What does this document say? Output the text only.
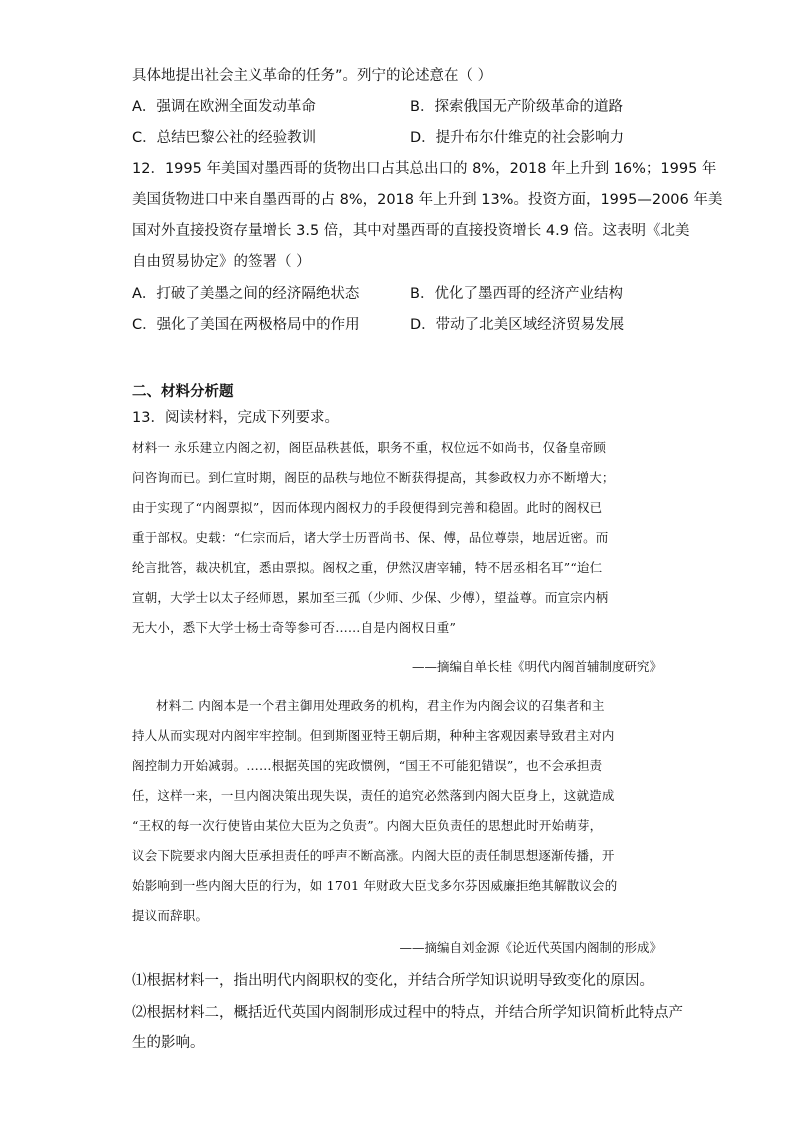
具体地提出社会主义革命的任务”。列宁的论述意在（ ）
A．强调在欧洲全面发动革命	B．探索俄国无产阶级革命的道路
C．总结巴黎公社的经验教训	D．提升布尔什维克的社会影响力
12．1995 年美国对墨西哥的货物出口占其总出口的 8%，2018 年上升到 16%；1995 年
美国货物进口中来自墨西哥的占 8%，2018 年上升到 13%。投资方面，1995—2006 年美
国对外直接投资存量增长 3.5 倍，其中对墨西哥的直接投资增长 4.9 倍。这表明《北美
自由贸易协定》的签署（ ）
A．打破了美墨之间的经济隔绝状态	B．优化了墨西哥的经济产业结构
C．强化了美国在两极格局中的作用	D．带动了北美区域经济贸易发展
二、材料分析题
13．阅读材料，完成下列要求。
材料一 永乐建立内阁之初，阁臣品秩甚低，职务不重，权位远不如尚书，仅备皇帝顾
问咨询而已。到仁宣时期，阁臣的品秩与地位不断获得提高，其参政权力亦不断增大；
由于实现了“内阁票拟”，因而体现内阁权力的手段便得到完善和稳固。此时的阁权已
重于部权。史载：“仁宗而后，诸大学士历晋尚书、保、傅，品位尊崇，地居近密。而
纶言批答，裁决机宜，悉由票拟。阁权之重，伊然汉唐宰辅，特不居丞相名耳”“迨仁
宣朝，大学士以太子经师恩，累加至三孤（少师、少保、少傅），望益尊。而宣宗内柄
无大小，悉下大学士杨士奇等参可否……自是内阁权日重”
——摘编自单长桂《明代内阁首辅制度研究》
材料二 内阁本是一个君主御用处理政务的机构，君主作为内阁会议的召集者和主
持人从而实现对内阁牢牢控制。但到斯图亚特王朝后期，种种主客观因素导致君主对内
阁控制力开始减弱。……根据英国的宪政惯例，“国王不可能犯错误”，也不会承担责
任，这样一来，一旦内阁决策出现失误，责任的追究必然落到内阁大臣身上，这就造成
“王权的每一次行使皆由某位大臣为之负责”。内阁大臣负责任的思想此时开始萌芽，
议会下院要求内阁大臣承担责任的呼声不断高涨。内阁大臣的责任制思想逐渐传播，开
始影响到一些内阁大臣的行为，如 1701 年财政大臣戈多尔芬因威廉拒绝其解散议会的
提议而辞职。
——摘编自刘金源《论近代英国内阁制的形成》
⑴根据材料一，指出明代内阁职权的变化，并结合所学知识说明导致变化的原因。
⑵根据材料二，概括近代英国内阁制形成过程中的特点，并结合所学知识简析此特点产
生的影响。
